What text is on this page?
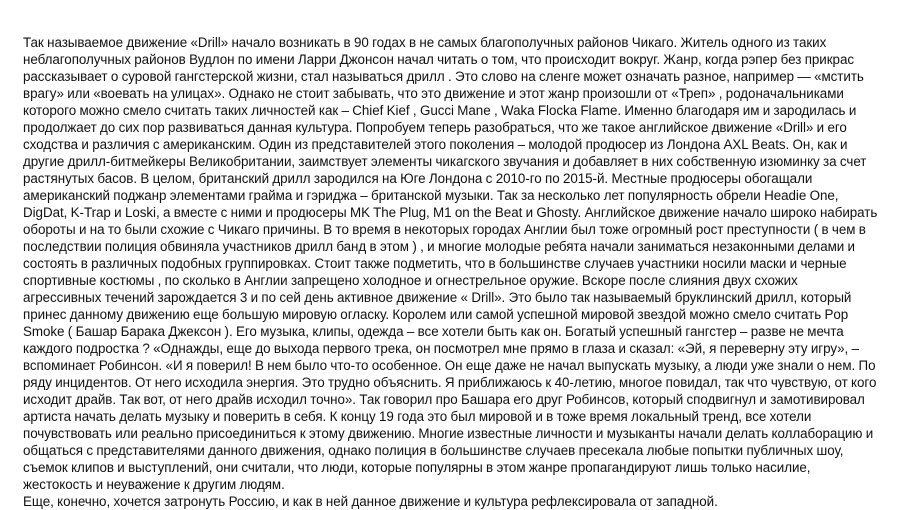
Так называемое движение «Drill» начало возникать в 90 годах в не самых благополучных районов Чикаго. Житель одного из таких неблагополучных районов Вудлон по имени Ларри Джонсон начал читать о том, что происходит вокруг. Жанр, когда рэпер без прикрас рассказывает о суровой гангстерской жизни, стал называться дрилл . Это слово на сленге может означать разное, например — «мстить врагу» или «воевать на улицах». Однако не стоит забывать, что это движение и этот жанр произошли от «Треп» , родоначальниками которого можно смело считать таких личностей как – Chief Kief , Gucci Mane , Waka Flocka Flame. Именно благодаря им и зародилась и продолжает до сих пор развиваться данная культура. Попробуем теперь разобраться, что же такое английское движение «Drill» и его сходства и различия с американским. Один из представителей этого поколения – молодой продюсер из Лондона AXL Beats. Он, как и другие дрилл-битмейкеры Великобритании, заимствует элементы чикагского звучания и добавляет в них собственную изюминку за счет растянутых басов. В целом, британский дрилл зародился на Юге Лондона с 2010-го по 2015-й. Местные продюсеры обогащали американский поджанр элементами грайма и гэриджа – британской музыки. Так за несколько лет популярность обрели Headie One, DigDat, K-Trap и Loski, а вместе с ними и продюсеры MK The Plug, M1 on the Beat и Ghosty. Английское движение начало широко набирать обороты и на то были схожие с Чикаго причины. В то время в некоторых городах Англии был тоже огромный рост преступности ( в чем в последствии полиция обвиняла участников дрилл банд в этом ) , и многие молодые ребята начали заниматься незаконными делами и состоять в различных подобных группировках. Стоит также подметить, что в большинстве случаев участники носили маски и черные спортивные костюмы , по сколько в Англии запрещено холодное и огнестрельное оружие. Вскоре после слияния двух схожих агрессивных течений зарождается 3 и по сей день активное движение « Drill». Это было так называемый бруклинский дрилл, который принес данному движению еще большую мировую огласку. Королем или самой успешной мировой звездой можно смело считать Pop Smoke ( Башар Барака Джексон ). Его музыка, клипы, одежда – все хотели быть как он. Богатый успешный гангстер – разве не мечта каждого подростка ? «Однажды, еще до выхода первого трека, он посмотрел мне прямо в глаза и сказал: «Эй, я переверну эту игру», – вспоминает Робинсон. «И я поверил! В нем было что-то особенное. Он еще даже не начал выпускать музыку, а люди уже знали о нем. По ряду инцидентов. От него исходила энергия. Это трудно объяснить. Я приближаюсь к 40-летию, многое повидал, так что чувствую, от кого исходит драйв. Так вот, от него драйв исходил точно». Так говорил про Башара его друг Робинсов, который сподвигнул и замотивировал артиста начать делать музыку и поверить в себя. К концу 19 года это был мировой и в тоже время локальный тренд, все хотели почувствовать или реально присоединиться к этому движению. Многие известные личности и музыканты начали делать коллаборацию и общаться с представителями данного движения, однако полиция в большинстве случаев пресекала любые попытки публичных шоу, съемок клипов и выступлений, они считали, что люди, которые популярны в этом жанре пропагандируют лишь только насилие, жестокость и неуважение к другим людям.

Еще, конечно, хочется затронуть Россию, и как в ней данное движение и культура рефлексировала от западной.
